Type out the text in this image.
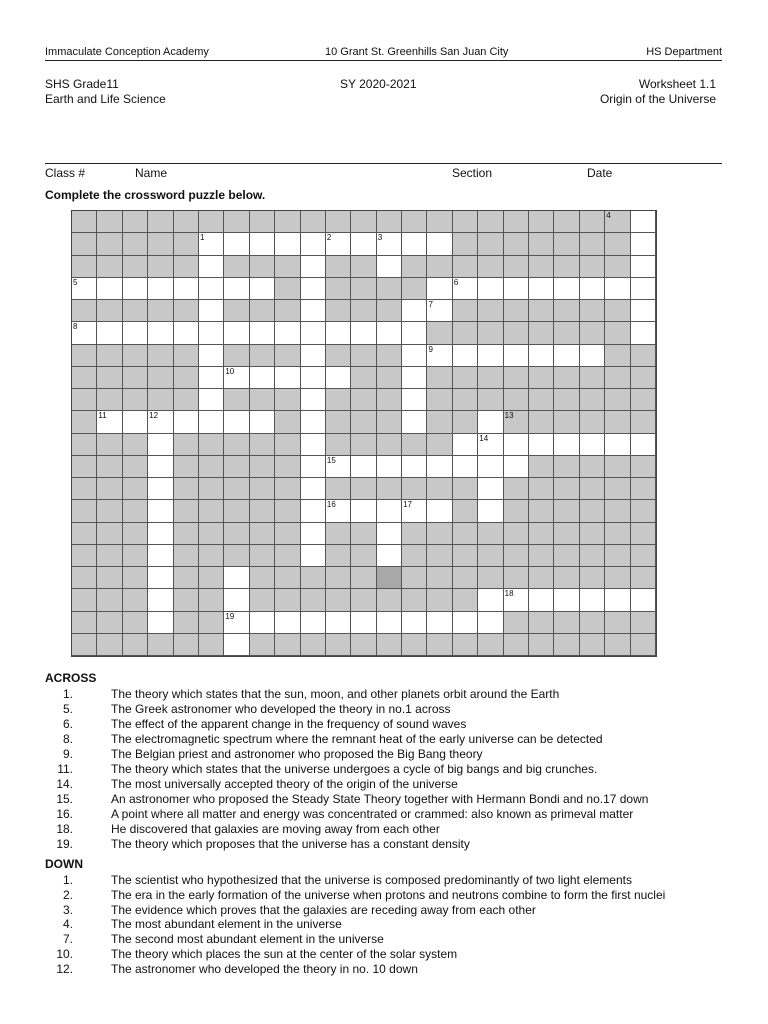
Immaculate Conception Academy	10 Grant St. Greenhills San Juan City	HS Department
SHS Grade11
Earth and Life Science
SY 2020-2021	Worksheet 1.1
Origin of the Universe
Class #	Name	Section	Date
Complete the crossword puzzle below.
4
1	2	3
5	6
7
8
9
10
11	12	13
14
15
16	17
18
19
ACROSS
1.	The theory which states that the sun, moon, and other planets orbit around the Earth
5.	The Greek astronomer who developed the theory in no.1 across
6.	The effect of the apparent change in the frequency of sound waves
8.	The electromagnetic spectrum where the remnant heat of the early universe can be detected
9.	The Belgian priest and astronomer who proposed the Big Bang theory
11.	The theory which states that the universe undergoes a cycle of big bangs and big crunches.
14.	The most universally accepted theory of the origin of the universe
15.	An astronomer who proposed the Steady State Theory together with Hermann Bondi and no.17 down
16.	A point where all matter and energy was concentrated or crammed: also known as primeval matter
18.	He discovered that galaxies are moving away from each other
19.	The theory which proposes that the universe has a constant density
DOWN
1.	The scientist who hypothesized that the universe is composed predominantly of two light elements
2.	The era in the early formation of the universe when protons and neutrons combine to form the first nuclei
3.	The evidence which proves that the galaxies are receding away from each other
4.	The most abundant element in the universe
7.	The second most abundant element in the universe
10.	The theory which places the sun at the center of the solar system
12.	The astronomer who developed the theory in no. 10 down
